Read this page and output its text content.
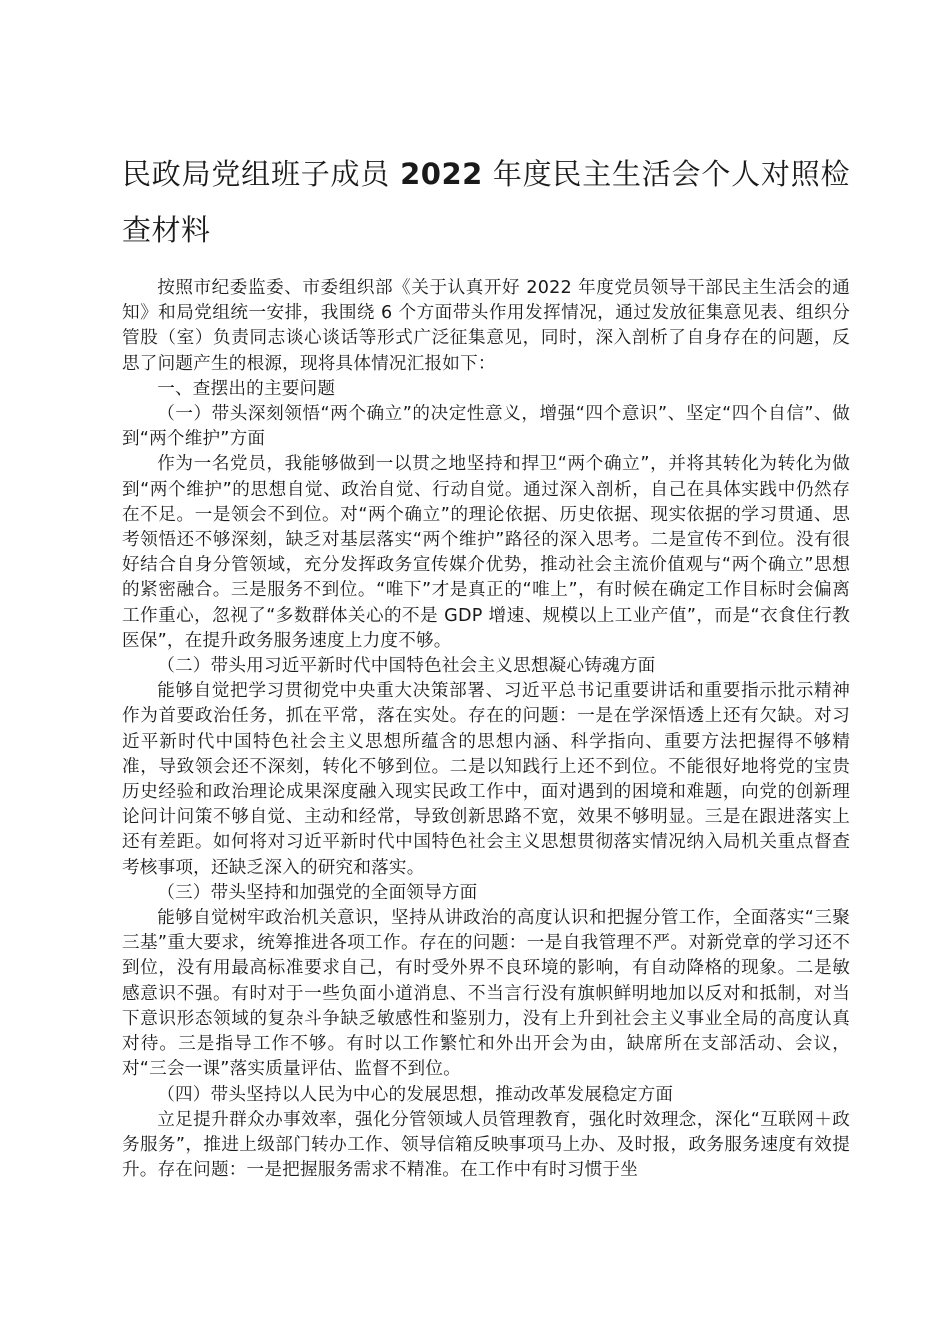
民政局党组班子成员 2022 年度民主生活会个人对照检查材料

按照市纪委监委、市委组织部《关于认真开好 2022 年度党员领导干部民主生活会的通知》和局党组统一安排，我围绕 6 个方面带头作用发挥情况，通过发放征集意见表、组织分管股（室）负责同志谈心谈话等形式广泛征集意见，同时，深入剖析了自身存在的问题，反思了问题产生的根源，现将具体情况汇报如下：

一、查摆出的主要问题

（一）带头深刻领悟“两个确立”的决定性意义，增强“四个意识”、坚定“四个自信”、做到“两个维护”方面

作为一名党员，我能够做到一以贯之地坚持和捍卫“两个确立”，并将其转化为转化为做到“两个维护”的思想自觉、政治自觉、行动自觉。通过深入剖析，自己在具体实践中仍然存在不足。一是领会不到位。对“两个确立”的理论依据、历史依据、现实依据的学习贯通、思考领悟还不够深刻，缺乏对基层落实“两个维护”路径的深入思考。二是宣传不到位。没有很好结合自身分管领域，充分发挥政务宣传媒介优势，推动社会主流价值观与“两个确立”思想的紧密融合。三是服务不到位。“唯下”才是真正的“唯上”，有时候在确定工作目标时会偏离工作重心，忽视了“多数群体关心的不是 GDP 增速、规模以上工业产值”，而是“衣食住行教医保”，在提升政务服务速度上力度不够。

（二）带头用习近平新时代中国特色社会主义思想凝心铸魂方面

能够自觉把学习贯彻党中央重大决策部署、习近平总书记重要讲话和重要指示批示精神作为首要政治任务，抓在平常，落在实处。存在的问题：一是在学深悟透上还有欠缺。对习近平新时代中国特色社会主义思想所蕴含的思想内涵、科学指向、重要方法把握得不够精准，导致领会还不深刻，转化不够到位。二是以知践行上还不到位。不能很好地将党的宝贵历史经验和政治理论成果深度融入现实民政工作中，面对遇到的困境和难题，向党的创新理论问计问策不够自觉、主动和经常，导致创新思路不宽，效果不够明显。三是在跟进落实上还有差距。如何将对习近平新时代中国特色社会主义思想贯彻落实情况纳入局机关重点督查考核事项，还缺乏深入的研究和落实。

（三）带头坚持和加强党的全面领导方面

能够自觉树牢政治机关意识，坚持从讲政治的高度认识和把握分管工作，全面落实“三聚三基”重大要求，统筹推进各项工作。存在的问题：一是自我管理不严。对新党章的学习还不到位，没有用最高标准要求自己，有时受外界不良环境的影响，有自动降格的现象。二是敏感意识不强。有时对于一些负面小道消息、不当言行没有旗帜鲜明地加以反对和抵制，对当下意识形态领域的复杂斗争缺乏敏感性和鉴别力，没有上升到社会主义事业全局的高度认真对待。三是指导工作不够。有时以工作繁忙和外出开会为由，缺席所在支部活动、会议，对“三会一课”落实质量评估、监督不到位。

（四）带头坚持以人民为中心的发展思想，推动改革发展稳定方面

立足提升群众办事效率，强化分管领域人员管理教育，强化时效理念，深化“互联网＋政务服务”，推进上级部门转办工作、领导信箱反映事项马上办、及时报，政务服务速度有效提升。存在问题：一是把握服务需求不精准。在工作中有时习惯于坐
